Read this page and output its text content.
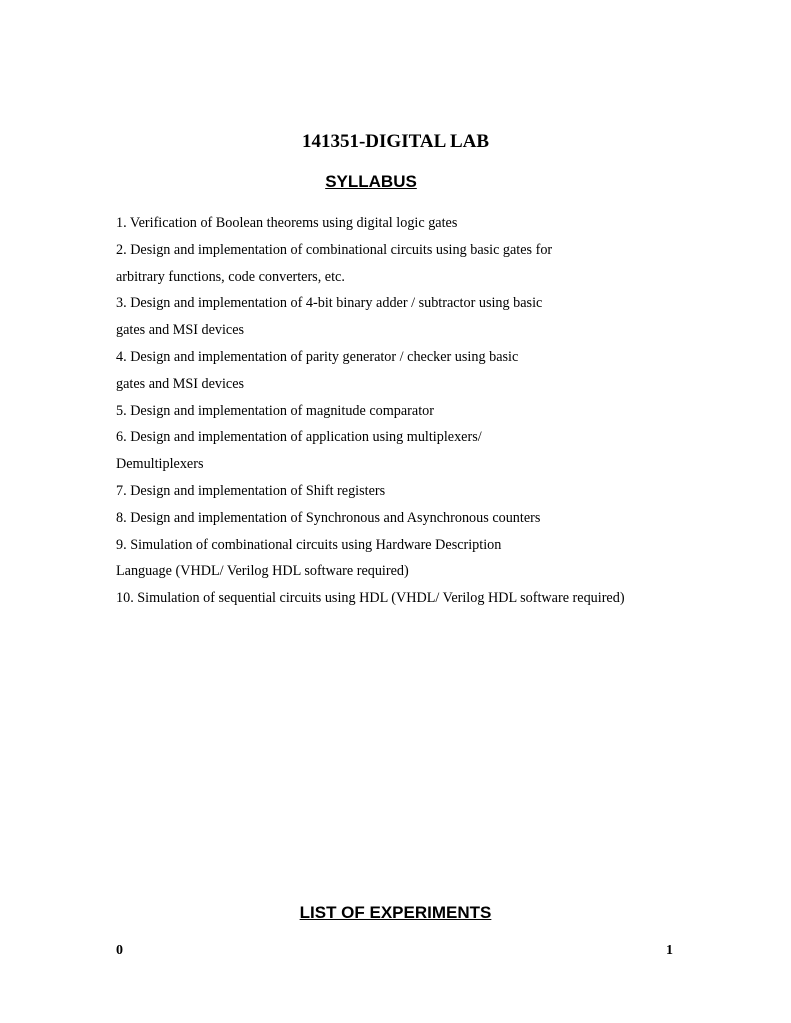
141351-DIGITAL LAB
SYLLABUS
1. Verification of Boolean theorems using digital logic gates
2. Design and implementation of combinational circuits using basic gates for
arbitrary functions, code converters, etc.
3. Design and implementation of 4-bit binary adder / subtractor using basic
gates and MSI devices
4. Design and implementation of parity generator / checker using basic
gates and MSI devices
5. Design and implementation of magnitude comparator
6. Design and implementation of application using multiplexers/
Demultiplexers
7. Design and implementation of Shift registers
8. Design and implementation of Synchronous and Asynchronous counters
9. Simulation of combinational circuits using Hardware Description
Language (VHDL/ Verilog HDL software required)
10. Simulation of sequential circuits using HDL (VHDL/ Verilog HDL software required)
LIST OF EXPERIMENTS
0	1
